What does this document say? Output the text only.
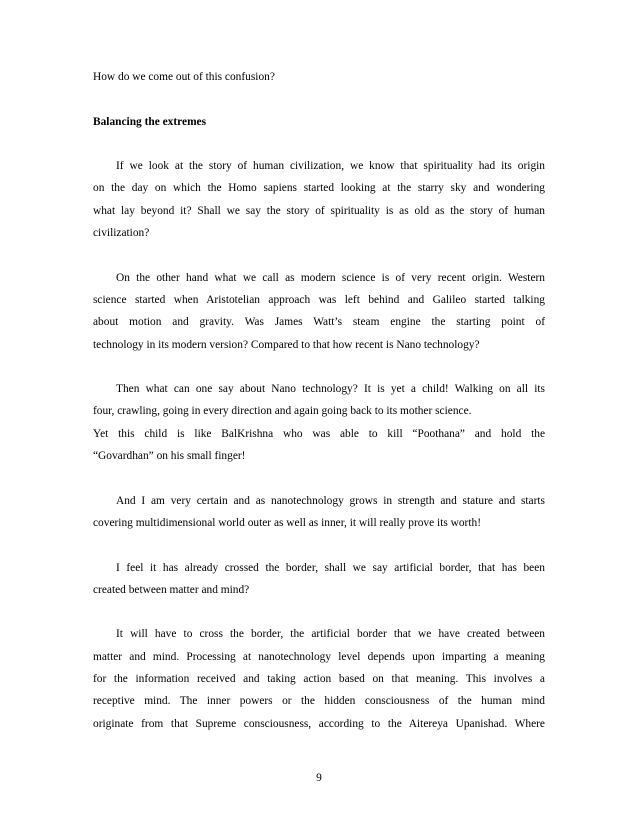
How do we come out of this confusion?
Balancing the extremes
If we look at the story of human civilization, we know that spirituality had its origin
on the day on which the Homo sapiens started looking at the starry sky and wondering
what lay beyond it? Shall we say the story of spirituality is as old as the story of human
civilization?
On the other hand what we call as modern science is of very recent origin. Western
science started when Aristotelian approach was left behind and Galileo started talking
about motion and gravity. Was James Watt’s steam engine the starting point of
technology in its modern version? Compared to that how recent is Nano technology?
Then what can one say about Nano technology? It is yet a child! Walking on all its
four, crawling, going in every direction and again going back to its mother science.
Yet this child is like BalKrishna who was able to kill “Poothana” and hold the
“Govardhan” on his small finger!
And I am very certain and as nanotechnology grows in strength and stature and starts
covering multidimensional world outer as well as inner, it will really prove its worth!
I feel it has already crossed the border, shall we say artificial border, that has been
created between matter and mind?
It will have to cross the border, the artificial border that we have created between
matter and mind. Processing at nanotechnology level depends upon imparting a meaning
for the information received and taking action based on that meaning. This involves a
receptive mind. The inner powers or the hidden consciousness of the human mind
originate from that Supreme consciousness, according to the Aitereya Upanishad. Where
9
